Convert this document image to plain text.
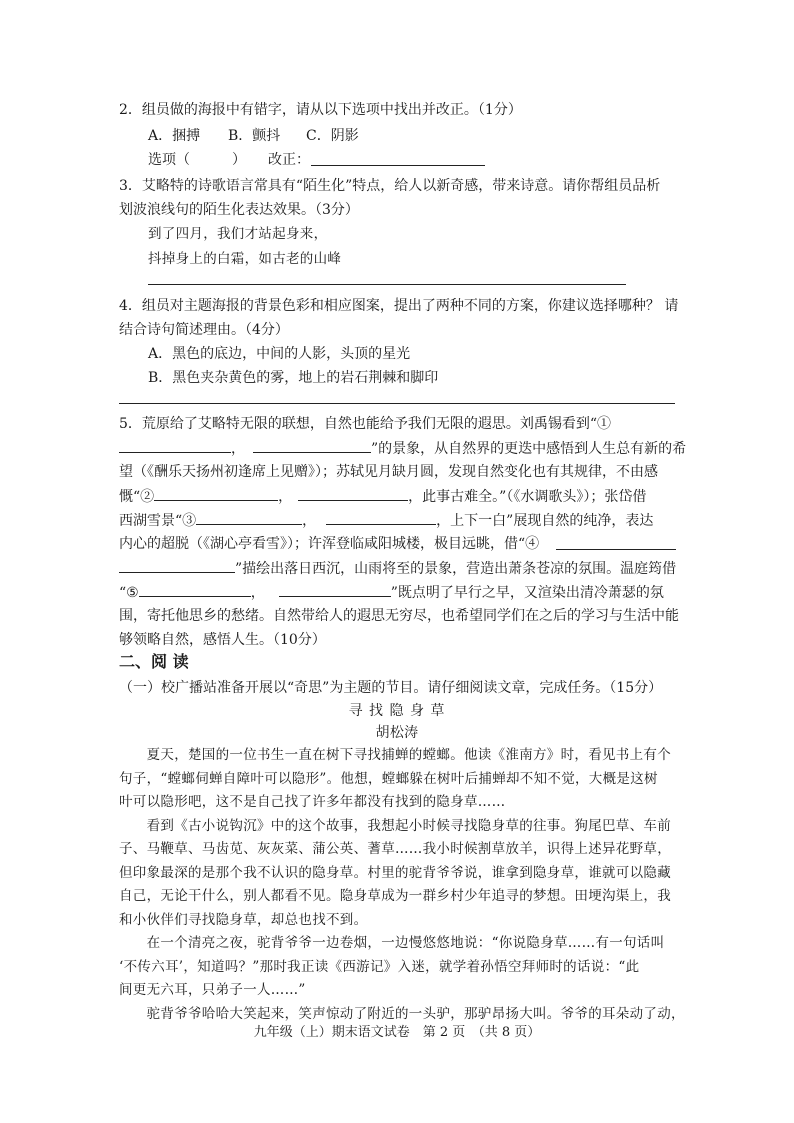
2．组员做的海报中有错字，请从以下选项中找出并改正。（1分）
A．捆搏 B．颤抖 C．阴影
选项（　　　） 改正：
3．艾略特的诗歌语言常具有“陌生化”特点，给人以新奇感，带来诗意。请你帮组员品析
划波浪线句的陌生化表达效果。（3分）
到了四月，我们才站起身来，
抖掉身上的白霜，如古老的山峰
4．组员对主题海报的背景色彩和相应图案，提出了两种不同的方案，你建议选择哪种？ 请
结合诗句简述理由。（4分）
A．黑色的底边，中间的人影，头顶的星光
B．黑色夹杂黄色的雾，地上的岩石荆棘和脚印
5．荒原给了艾略特无限的联想，自然也能给予我们无限的遐思。刘禹锡看到“①
，	”的景象，从自然界的更迭中感悟到人生总有新的希
望（《酬乐天扬州初逢席上见赠》）；苏轼见月缺月圆，发现自然变化也有其规律，不由感
慨“②	，	，此事古难全。”（《水调歌头》）；张岱借
西湖雪景“③	，	，上下一白”展现自然的纯净，表达
内心的超脱（《湖心亭看雪》）；许浑登临咸阳城楼，极目远眺，借“④
”描绘出落日西沉，山雨将至的景象，营造出萧条苍凉的氛围。温庭筠借
“⑤	，	”既点明了早行之早，又渲染出清冷萧瑟的氛
围，寄托他思乡的愁绪。自然带给人的遐思无穷尽，也希望同学们在之后的学习与生活中能
够领略自然，感悟人生。（10分）
二、阅 读
（一）校广播站准备开展以“奇思”为主题的节目。请仔细阅读文章，完成任务。（15分）
寻 找 隐 身 草
胡松涛
　　夏天，楚国的一位书生一直在树下寻找捕蝉的螳螂。他读《淮南方》时，看见书上有个
句子，“螳螂伺蝉自障叶可以隐形”。他想，螳螂躲在树叶后捕蝉却不知不觉，大概是这树
叶可以隐形吧，这不是自己找了许多年都没有找到的隐身草……
　　看到《古小说钩沉》中的这个故事，我想起小时候寻找隐身草的往事。狗尾巴草、车前
子、马鞭草、马齿苋、灰灰菜、蒲公英、蓍草……我小时候割草放羊，识得上述异花野草，
但印象最深的是那个我不认识的隐身草。村里的驼背爷爷说，谁拿到隐身草，谁就可以隐藏
自己，无论干什么，别人都看不见。隐身草成为一群乡村少年追寻的梦想。田埂沟渠上，我
和小伙伴们寻找隐身草，却总也找不到。
　　在一个清亮之夜，驼背爷爷一边卷烟，一边慢悠悠地说：“你说隐身草……有一句话叫
‘不传六耳’，知道吗？”那时我正读《西游记》入迷，就学着孙悟空拜师时的话说：“此
间更无六耳，只弟子一人……”
　　驼背爷爷哈哈大笑起来，笑声惊动了附近的一头驴，那驴昂扬大叫。爷爷的耳朵动了动，
九年级（上）期末语文试卷　第 2 页　（共 8 页）
